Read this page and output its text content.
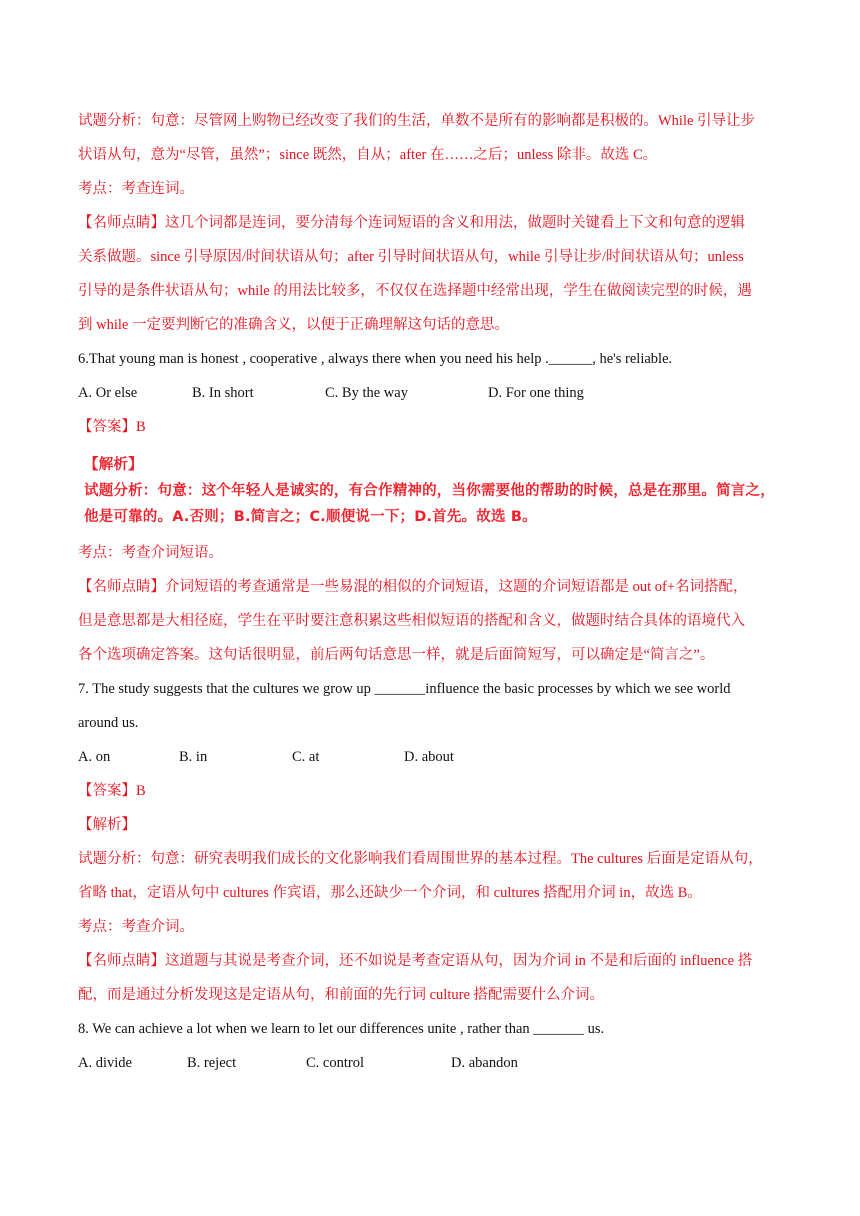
试题分析：句意：尽管网上购物已经改变了我们的生活，单数不是所有的影响都是积极的。While 引导让步

状语从句，意为“尽管，虽然”；since 既然，自从；after 在……之后；unless 除非。故选 C。

考点：考查连词。

【名师点睛】这几个词都是连词，要分清每个连词短语的含义和用法，做题时关键看上下文和句意的逻辑

关系做题。since 引导原因/时间状语从句；after 引导时间状语从句，while 引导让步/时间状语从句；unless

引导的是条件状语从句；while 的用法比较多，不仅仅在选择题中经常出现，学生在做阅读完型的时候，遇

到 while 一定要判断它的准确含义，以便于正确理解这句话的意思。

6.That young man is honest , cooperative , always there when you need his help .______, he's reliable.

A. Or else	B. In short	C. By the way	D. For one thing

【答案】B

【解析】
试题分析：句意：这个年轻人是诚实的，有合作精神的，当你需要他的帮助的时候，总是在那里。简言之，
他是可靠的。A.否则；B.简言之；C.顺便说一下；D.首先。故选 B。

考点：考查介词短语。

【名师点睛】介词短语的考查通常是一些易混的相似的介词短语，这题的介词短语都是 out of+名词搭配，

但是意思都是大相径庭，学生在平时要注意积累这些相似短语的搭配和含义，做题时结合具体的语境代入

各个选项确定答案。这句话很明显，前后两句话意思一样，就是后面简短写，可以确定是“简言之”。

7. The study suggests that the cultures we grow up _______influence the basic processes by which we see world

around us.

A. on	B. in	C. at	D. about

【答案】B

【解析】

试题分析：句意：研究表明我们成长的文化影响我们看周围世界的基本过程。The cultures 后面是定语从句，

省略 that，定语从句中 cultures 作宾语，那么还缺少一个介词，和 cultures 搭配用介词 in，故选 B。

考点：考查介词。

【名师点睛】这道题与其说是考查介词，还不如说是考查定语从句，因为介词 in 不是和后面的 influence 搭

配，而是通过分析发现这是定语从句，和前面的先行词 culture 搭配需要什么介词。

8. We can achieve a lot when we learn to let our differences unite , rather than _______ us.

A. divide	B. reject	C. control	D. abandon
